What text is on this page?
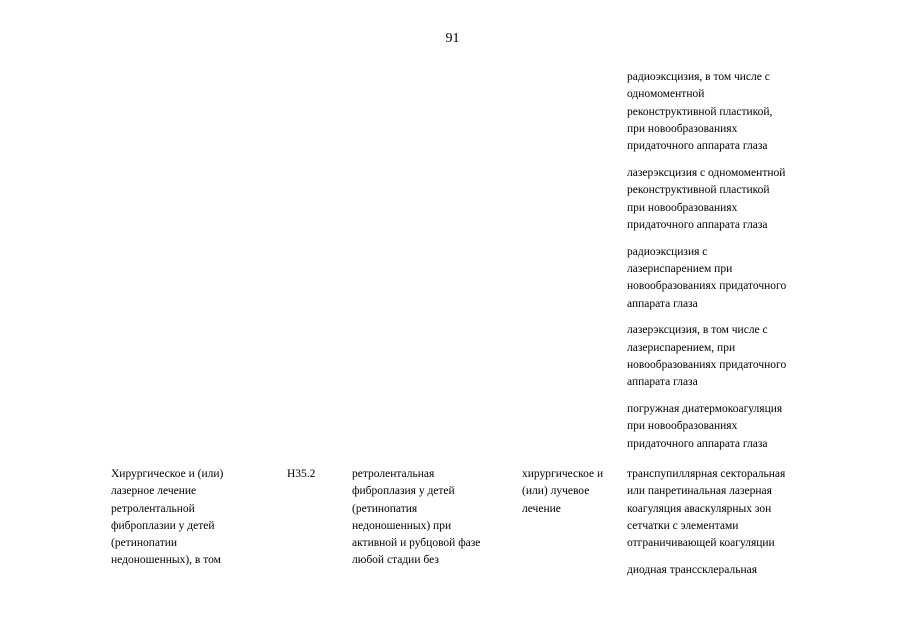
91
радиоэксцизия, в том числе с
одномоментной
реконструктивной пластикой,
при новообразованиях
придаточного аппарата глаза
лазерэксцизия с одномоментной
реконструктивной пластикой
при новообразованиях
придаточного аппарата глаза
радиоэксцизия с
лазериспарением при
новообразованиях придаточного
аппарата глаза
лазерэксцизия, в том числе с
лазериспарением, при
новообразованиях придаточного
аппарата глаза
погружная диатермокоагуляция
при новообразованиях
придаточного аппарата глаза
Хирургическое и (или)
лазерное лечение
ретролентальной
фиброплазии у детей
(ретинопатии
недоношенных), в том
H35.2	ретролентальная
фиброплазия у детей
(ретинопатия
недоношенных) при
активной и рубцовой фазе
любой стадии без
хирургическое и
(или) лучевое
лечение
транспупиллярная секторальная
или панретинальная лазерная
коагуляция аваскулярных зон
сетчатки с элементами
отграничивающей коагуляции
диодная транссклеральная
